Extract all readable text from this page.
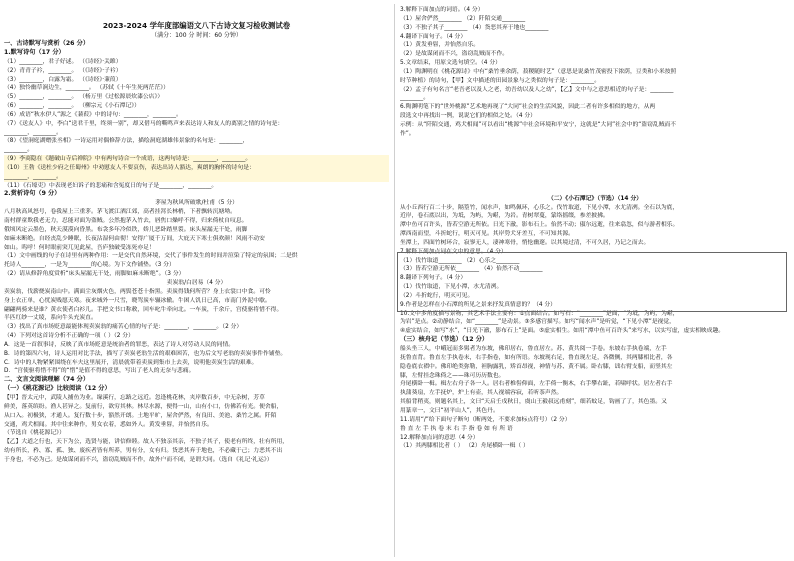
2023-2024 学年度部编语文八下古诗文复习检收测试卷
（满分：100 分 时间：60 分钟）
一、古诗默写与赏析（26 分）
1.默写诗句（17 分）
（1）________，君子好逑。 （《诗经》·关雎）
（2）青青子衿，________。 （《诗经》·子衿）
（3）________，白露为霜。 （《诗经》·蒹葭）
（4）独怜幽草涧边生，________。 （苏轼《十年生死两茫茫》）
（5）________，________。 （杨万里《过松源晨炊漆公店》）
（6）________，________。 （柳宗元《小石潭记》）
（6）成语“秋水伊人”源之《蒹葭》中的诗句：________，________。
（7）《送友人》中，李白“送君千里，终须一别”，却又借马的嘶鸣声来表达诗人和友人的离别之情的诗句是：
________，________。
（8）《望洞庭湖赠张丞相》一诗运用对偶修辞方法，描绘洞庭湖雄伟景象的名句是：________，
________。
（9）李商隐在《题破山寺后禅院》中有两句诗合一个成语，这两句诗是：________，________。
（10）王勃《送杜少府之任蜀州》中劝慰友人不要哀伤，表达出诗人豁达，爽朗的胸怀的诗句是：
________，________。
（11）《石壕吏》中表现老妇诉子的悲痛和含冤度日的句子是________，________。
2.赏析诗句（9 分）
茅屋为秋风所破歌/杜甫（5 分）
八月秋高风怒号，卷我屋上三重茅。茅飞渡江洒江郊，高者挂罥长林梢，下者飘转沉塘坳。
南村群童欺我老无力，忍能对面为盗贼。公然抱茅入竹去，唇焦口燥呼不得，归来倚杖自叹息。
俄顷风定云墨色，秋天漠漠向昏黑。布衾多年冷似铁，娇儿恶卧踏里裂。床头屋漏无干处，雨脚
如麻未断绝。自经丧乱少睡眠，长夜沾湿何由彻！安得广厦千万间，大庇天下寒士俱欢颜！风雨不动安
如山。呜呼！何时眼前突兀见此屋，吾庐独破受冻死亦足！
（1）文中画线的句子在诗里有两种作用：一是交代自然环境，交代了事件发生的时间并渲染了特定的氛围；二是烘
托诗人________，一是为________的心境。为下文作铺垫。（3 分）
（2）请从修辞角度赏析“床头屋漏无干处，雨脚如麻未断绝”。（3 分）
卖炭翁/白居易（4 分）
卖炭翁，伐薪烧炭南山中。满面尘灰烟火色，两鬓苍苍十指黑。卖炭得钱何所营？身上衣裳口中食。可怜
身上衣正单，心忧炭贱愿天寒。夜来城外一尺雪，晓驾炭车辗冰辙。牛困人饥日已高，市南门外泥中歇。
翩翩两骑来是谁？黄衣使者白衫儿。手把文书口称敕，回车叱牛牵向北。一车炭，千余斤，宫使驱将惜不得。
半匹红纱一丈绫，系向牛头充炭直。
（3）找出了真市场贬意最能体现卖炭翁的痛苦心情的句子是：________，________。（2 分）
（4）下列对这首诗分析不正确的一项（ ）（2 分）
A．这是一首叙事诗，反映了真市场贬意是统治者的罪恶，表达了诗人对劳动人民的同情。
B．诗的第四六句，诗人运用对比手法，描写了卖炭老翁生活的艰难困苦，也为后文写老翁的卖炭事件作铺垫。
C．诗中的人物紧紧围绕在车夫这里展开，清晨就带着卖炭到集市上去卖，说明他卖炭生活的艰难。
D．“宫使驱将惜不得”的“惜”是值不得的意思，写出了老人的无奈与悲痛。
二、文言文阅读理解（74 分）
（一）《桃花源记》比较阅读（12 分）
【甲】晋太元中，武陵人捕鱼为业。缘溪行，忘路之远近。忽逢桃花林，夹岸数百步，中无杂树，芳草
鲜美，落英缤纷。渔人甚异之。复前行，欲穷其林。林尽水源，便得一山，山有小口，仿佛若有光。便舍船，
从口入。初极狭，才通人。复行数十步，豁然开朗。土地平旷，屋舍俨然，有良田、美池、桑竹之属。阡陌
交通，鸡犬相闻。其中往来种作，男女衣着，悉如外人。黄发垂髫，并怡然自乐。
（节选自《桃花源记》）
【乙】大道之行也，天下为公，选贤与能，讲信修睦。故人不独亲其亲，不独子其子，使老有所终，壮有所用，
幼有所长，矜、寡、孤、独、废疾者皆有所养，男有分，女有归。货恶其弃于地也，不必藏于己；力恶其不出
于身也，不必为己。是故谋闭而不兴，盗窃乱贼而不作，故外户而不闭，是谓大同。（选自《礼记·礼运》）
3.解释下面加点的词语。（4 分）
（1）屋舍俨然________ （2）阡陌交通________
（3）不独子其子________ （4）货恶其弃于地也________
4.翻译下面句子。（4 分）
（1）黄发垂髫，并怡然自乐。
（2）是故谋闭而不兴，盗窃乱贼而不作。
5.文章结束，用原文选句填空。（4 分）
（1）陶渊明在《桃花源诗》中有“桑竹垂余荫，菽稷随时艺”（意思是说桑竹茂密投下浓荫，豆类和小米按照
时节种植）的诗句，【甲】文中描述的田园景象与之类似的句子是：________。
（2）孟子有句名言“老吾老以及人之老，幼吾幼以及人之幼”，【乙】文中与之意思相近的句子是：________
________。
6.陶渊明笔下的“世外桃源”艺术地再现了“大同”社会的生活风貌，因此二者有许多相似的地方，从两
段选文中再找出一例，说说它们的相似之处。（4 分）
示例：从“阡陌交通，鸡犬相闻”可以看出“桃源”中社会环境和平安宁，这就是“大同”社会中的“盗窃乱贼而不
作”。
（二）《小石潭记》（节选）（14 分）
从小丘西行百二十步，隔篁竹，闻水声，如鸣佩环，心乐之。伐竹取道，下见小潭，水尤清冽。全石以为底，
近岸，卷石底以出，为坻，为屿，为嵁，为岩。青树翠蔓，蒙络摇缀，参差披拂。
潭中鱼可百许头，皆若空游无所依。日光下澈，影布石上。佁然不动；俶尔远逝，往来翕忽，似与游者相乐。
潭西南而望，斗折蛇行，明灭可见。其岸势犬牙差互，不可知其源。
坐潭上，四面竹树环合，寂寥无人，凄神寒骨，悄怆幽邃。以其境过清，不可久居，乃记之而去。
7.解释下列加点词在文中的意思。（4 分）
（1）伐竹取道________ （2）心乐之________
（3）皆若空游无所依________ （4）佁然不动________
8.翻译下列句子。（4 分）
（1）伐竹取道，下见小潭，水尤清冽。
（2）斗折蛇行，明灭可见。
9.作者是怎样在小石潭的所见之景来抒发真情意的？（4 分）
10.文中多角度描写景物，其艺术手法主要有：①点面结合。如写石：“________”是面，“为坻，为屿，为嵁，
为岩”是点。②动静结合，如“________”是动景。③多感官描写。如写“闻水声”是听觉，“下见小潭”是视觉，
④虚实结合，如写“水”，“日光下澈，影布石上”是面。⑤虚实相生。如用“潭中鱼可百许头”来写水，以实写虚，虚实相映成趣。
（三）核舟记（节选）（12 分）
船头坐三人，中峨冠而多髯者为东坡，佛印居右，鲁直居左。苏、黄共阅一手卷。东坡右手执卷端，左手
抚鲁直背。鲁直左手执卷末，右手指卷，如有所语。东坡现右足，鲁直现左足，各微侧，其两膝相比者，各
隐卷底衣褶中。佛印绝类弥勒，袒胸露乳，矫首昂视，神情与苏、黄不属。卧右膝，诎右臂支船，而竖其左
膝，左臂挂念珠倚之——珠可历历数也。
舟尾横卧一楫。楫左右舟子各一人。居右者椎髻仰面，左手倚一衡木，右手攀右趾，若啸呼状。居左者右手
执蒲葵扇，左手抚炉，炉上有壶，其人视端容寂，若听茶声然。
其船背稍夷，则题名其上，文曰“天启壬戌秋日，虞山王毅叔远甫刻”，细若蚊足，钩画了了，其色墨。又
用篆章一，文曰“初平山人”，其色丹。
11.请用“/”给下面句子断句（断两处，不要求加标点符号）（2 分）
鲁 直 左 手 执 卷 末 右 手 指 卷 如 有 所 语
12.解释加点词的意思（4 分）
（1）其两膝相比者（ ） （2）舟尾横卧一楫（ ）
